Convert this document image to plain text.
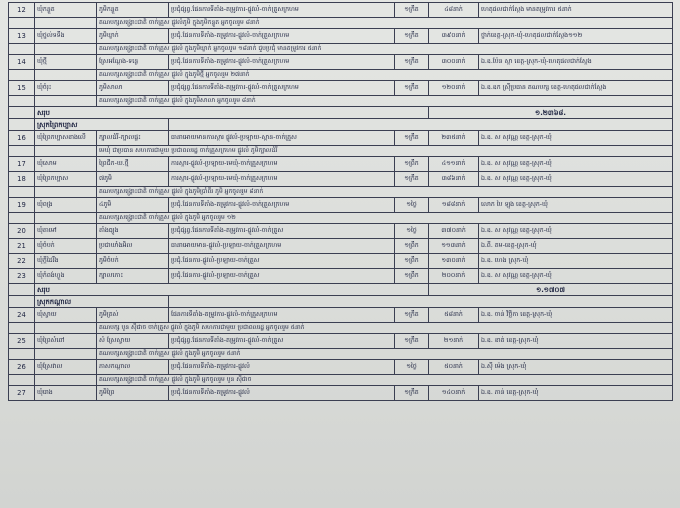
12	ឃុំកន្ទួត	ភូមិកន្ទួត	ប្រជុំផ្សព្វ.ផែនការទីតាំង-តម្រូវការ-ផ្លូវលំ-ចាក់គ្រួសក្រហម	១ក្រឹត	៤៨នាក់	ហេតុផលជាក់ស្តែង មានតម្រូវការ ៥នាក់
		គណបក្សសង្គ្រោះជាតិ ចាក់គ្រួស ផ្លូវលំភូមិ ក្នុងភូមិកន្ទួត អ្នកចូលរួម ៨នាក់				
13	ឃុំថ្នល់ទទឹង	ភូមិឃ្លាក់	ប្រជុំ.ផែនការទីតាំង-តម្រូវការ-ផ្លូវលំ-ចាក់គ្រួសក្រហម	១ក្រឹត	៣៩០នាក់	ថ្នាក់ខេត្ត-ស្រុក-ឃុំ-ហេតុផលជាក់ស្តែង១១២
		គណបក្សសង្គ្រោះជាតិ ចាក់គ្រួស ផ្លូវលំ ក្នុងភូមិឃ្លាក់ អ្នកចូលរួម ១៨នាក់ ជួបប្រជុំ មានតម្រូវការ ៥នាក់				
14	ឃុំថ្មី	ស្រែអណ្តែង-ទន្លេ	ប្រជុំ.ផែនការទីតាំង-តម្រូវការ-ផ្លូវលំ-ចាក់គ្រួសក្រហម	១ក្រឹត	៣០០នាក់	ឯ.ឧ.ប៉ែន ស្តា ខេត្ត-ស្រុក-ឃុំ-ហេតុផលជាក់ស្តែង
		គណបក្សសង្គ្រោះជាតិ ចាក់គ្រួស ផ្លូវលំ ក្នុងភូមិថ្មី អ្នកចូលរួម ២៧នាក់				
15	ឃុំចំរុះ	ភូមិសាលា	ប្រជុំផ្សព្វ.ផែនការទីតាំង-តម្រូវការ-ផ្លូវលំ-ចាក់គ្រួសក្រហម	១ក្រឹត	១២០នាក់	ឯ.ឧ.ឧក ស្រ៊ីប្រធាន គណបក្ស ខេត្ត-ហេតុផលជាក់ស្តែង
		គណបក្សសង្គ្រោះជាតិ ចាក់គ្រួស ផ្លូវលំ ក្នុងភូមិសាលា អ្នកចូលរួម ៨នាក់				
	សរុប				១.២៣៦៨.	
	ស្រុកព្រៃកប្បាស					
16	ឃុំព្រៃកប្បាសខាងលើ	ក្បាលដំរី-ក្បាលផ្ទះ	ធានាអោយមានការស្តារ ផ្លូវលំ-ប្រឡាយ-ស្ពាន-ចាក់គ្រួស	១ក្រឹត	២៣៥នាក់	ឯ.ឧ. ស សុវណ្ណ ខេត្ត-ស្រុក-ឃុំ
		មេឃុំ ជាប្រធាន សហការជាមួយ ប្រជាពលរដ្ឋ ចាក់គ្រួសក្រហម ផ្លូវលំ ភូមិក្បាលដំរី				
17	ឃុំសោម	ព្រៃជីក-ឃ.ថ្មី	ការស្តារ-ផ្លូវលំ-ប្រឡាយ-មេឃុំ-ចាក់គ្រួសក្រហម	១ព្រឹក	៤១១នាក់	ឯ.ឧ. ស សុវណ្ណ ខេត្ត-ស្រុក-ឃុំ
18	ឃុំព្រៃកប្បាស	៧ភូមិ	ការស្តារ-ផ្លូវលំ-ប្រឡាយ-មេឃុំ-ចាក់គ្រួសក្រហម	១ក្រឹត	៣៨៦នាក់	ឯ.ឧ. ស សុវណ្ណ ខេត្ត-ស្រុក-ឃុំ
		គណបក្សសង្គ្រោះជាតិ ចាក់គ្រួស ផ្លូវលំ ក្នុងភូមិប្រាំពីរ ភូមិ អ្នកចូលរួម ៨នាក់				
19	ឃុំពង្រ	៤ភូមិ	ប្រជុំ.ផែនការទីតាំង-តម្រូវការ-ផ្លូវលំ-ចាក់គ្រួសក្រហម	១ថ្ងៃ	១៨៨នាក់	លោក បៃ ឡុង ខេត្ត-ស្រុក-ឃុំ
		គណបក្សសង្គ្រោះជាតិ ចាក់គ្រួស ផ្លូវលំ ក្នុងភូមិ អ្នកចូលរួម ១២				
20	ឃុំតាមៅ	តាំងធ្យូង	ប្រជុំផ្សព្វ.ផែនការទីតាំង-តម្រូវការ-ផ្លូវលំ-ចាក់គ្រួស	១ថ្ងៃ	៣៧០នាក់	ឯ.ឧ. ស សុវណ្ណ ខេត្ត-ស្រុក-ឃុំ
21	ឃុំចំបក់	ប្រជាឃាំងអិល	ធានាអោយមាន-ផ្លូវលំ-ប្រឡាយ-ចាក់គ្រួសក្រហម	១ព្រឹក	១១៣នាក់	ឯ.ពី. តម-ខេត្ត-ស្រុក-ឃុំ
22	ឃុំក្ដីដៃរឹង	ភូមិចំបក់	ប្រជុំ.ផែនការ-ផ្លូវលំ-ប្រឡាយ-ចាក់គ្រួស	១ព្រឹក	១៣០នាក់	ឯ.ឧ. ហេង ស្រុក-ឃុំ
23	ឃុំកំពង់ហ្លួង	ក្បាលកោះ	ប្រជុំ.ផែនការ-ផ្លូវលំ-ប្រឡាយ-ចាក់គ្រួស	១ព្រឹក	២០០នាក់	ឯ.ឧ. ស សុវណ្ណ ខេត្ត-ស្រុក-ឃុំ
	សរុប				១.១៧០៧	
	ស្រុកកណ្តាល					
24	ឃុំស្វាយ	ភូមិត្រស់	ផែនការទីតាំង-តម្រូវការ-ផ្លូវលំ-ចាក់គ្រួសក្រហម	១ក្រឹត	៥៨នាក់	ឯ.ឧ. ចាន់ វិច្ឆិកា ខេត្ត-ស្រុក-ឃុំ
		គណបក្ស បូន ស៊ីផាច ចាក់គ្រួស ផ្លូវលំ ក្នុងភូមិ សហការជាមួយ ប្រជាពលរដ្ឋ អ្នកចូលរួម ៥នាក់				
25	ឃុំព្រៃសំពៅ	សំ ស្រែស្វាយ	ប្រជុំផ្សព្វ.ផែនការទីតាំង-តម្រូវការ-ផ្លូវលំ-ចាក់គ្រួស	១ក្រឹត	២១នាក់	ឯ.ឧ. ខាត់ ខេត្ត-ស្រុក-ឃុំ
		គណបក្សសង្គ្រោះជាតិ ចាក់គ្រួស ផ្លូវលំ ក្នុងភូមិ អ្នកចូលរួម ៥នាក់				
26	ឃុំស្រែវាល	ភាសកណ្តាល	ប្រជុំ.ផែនការទីតាំង-តម្រូវការ-ផ្លូវលំ	១ថ្ងៃ	៥០នាក់	ឯ.ស៊ី ម៉េង ស្រុក-ឃុំ
		គណបក្សសង្គ្រោះជាតិ ចាក់គ្រួស ផ្លូវលំ ក្នុងភូមិ អ្នកចូលរួម បូន ស៊ីផាច				
27	ឃុំរោង	ភូមិព្រៃ	ប្រជុំ.ផែនការទីតាំង-តម្រូវការ-ផ្លូវលំ	១ក្រឹត	១៤០នាក់	ឯ.ឧ. ភាន់ ខេត្ត-ស្រុក-ឃុំ
